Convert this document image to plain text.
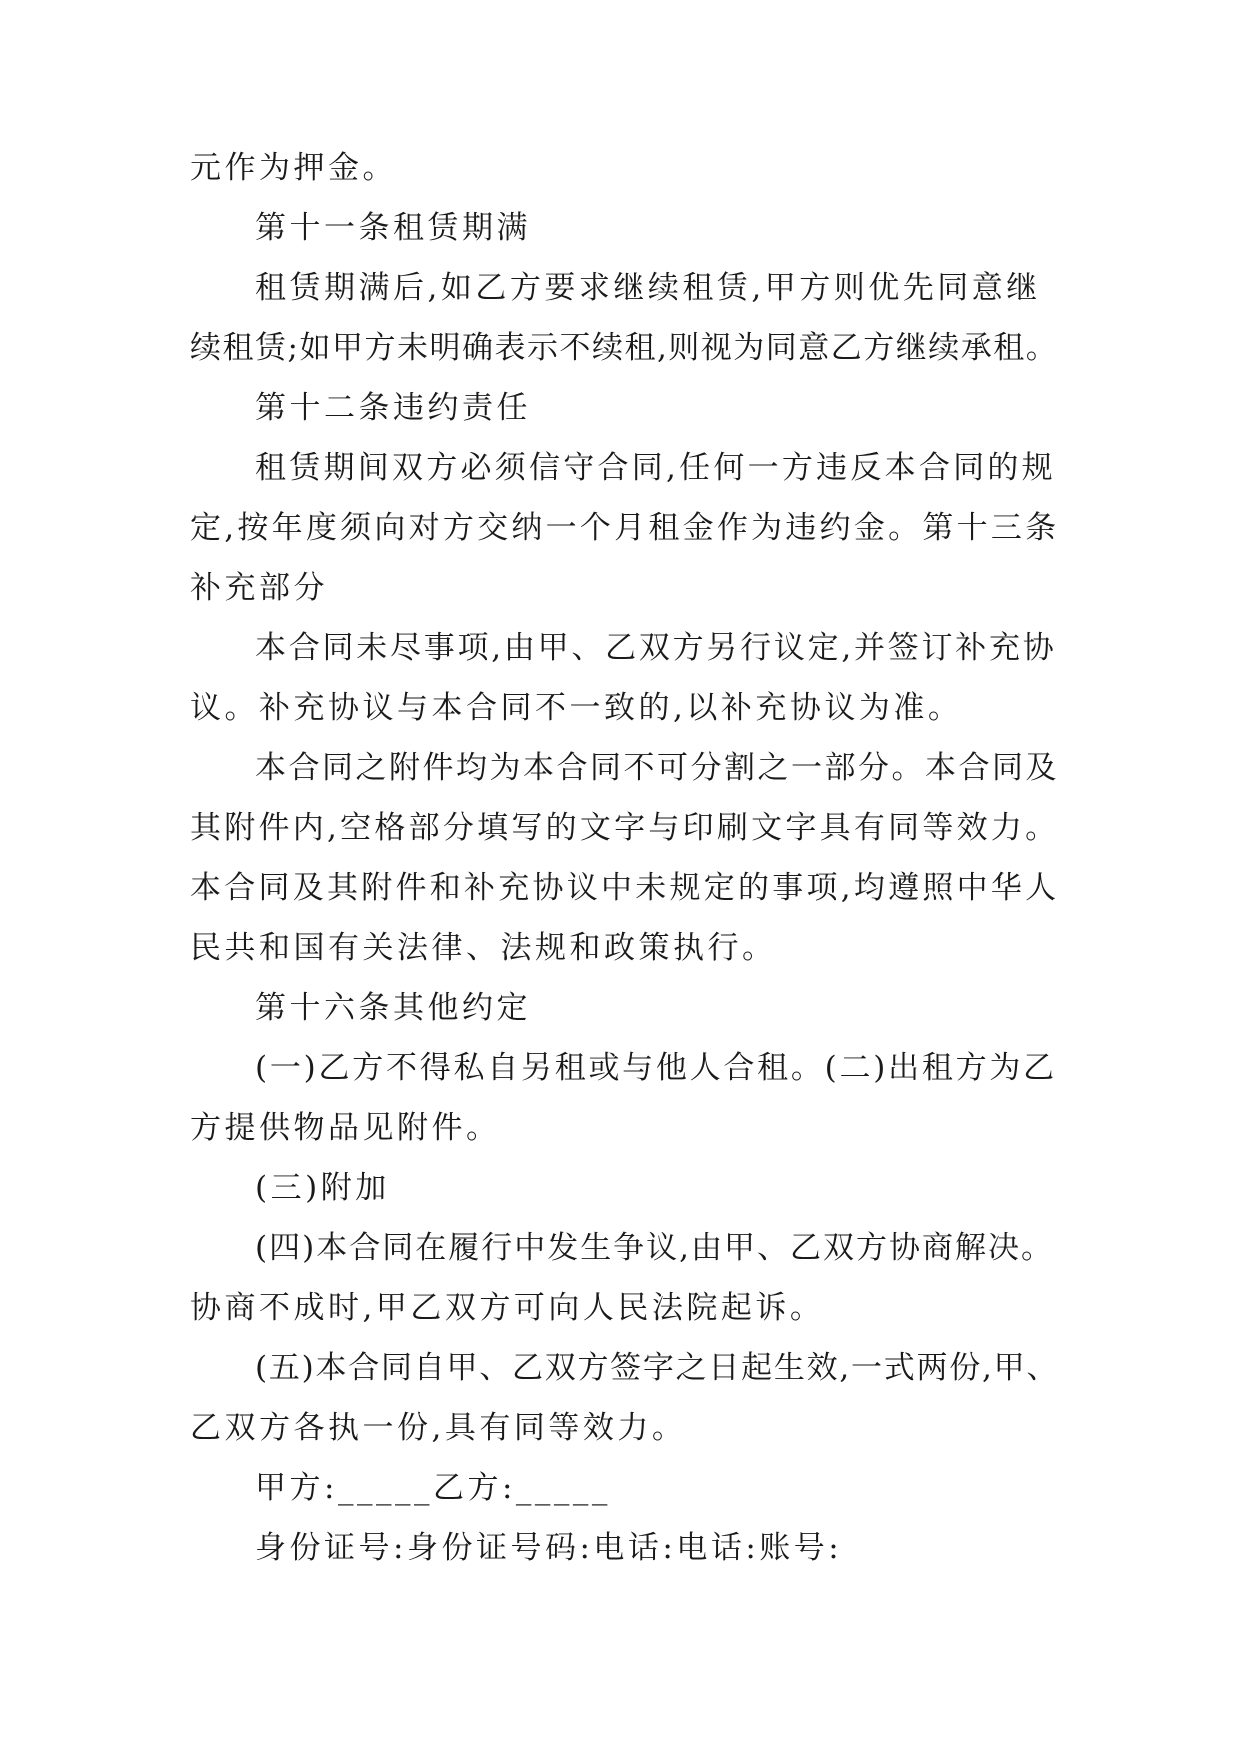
元作为押金。
第十一条租赁期满
租赁期满后,如乙方要求继续租赁,甲方则优先同意继
续租赁;如甲方未明确表示不续租,则视为同意乙方继续承租。
第十二条违约责任
租赁期间双方必须信守合同,任何一方违反本合同的规
定,按年度须向对方交纳一个月租金作为违约金。第十三条
补充部分
本合同未尽事项,由甲、乙双方另行议定,并签订补充协
议。补充协议与本合同不一致的,以补充协议为准。
本合同之附件均为本合同不可分割之一部分。本合同及
其附件内,空格部分填写的文字与印刷文字具有同等效力。
本合同及其附件和补充协议中未规定的事项,均遵照中华人
民共和国有关法律、法规和政策执行。
第十六条其他约定
(一)乙方不得私自另租或与他人合租。(二)出租方为乙
方提供物品见附件。
(三)附加
(四)本合同在履行中发生争议,由甲、乙双方协商解决。
协商不成时,甲乙双方可向人民法院起诉。
(五)本合同自甲、乙双方签字之日起生效,一式两份,甲、
乙双方各执一份,具有同等效力。
甲方:_____乙方:_____
身份证号:身份证号码:电话:电话:账号:
